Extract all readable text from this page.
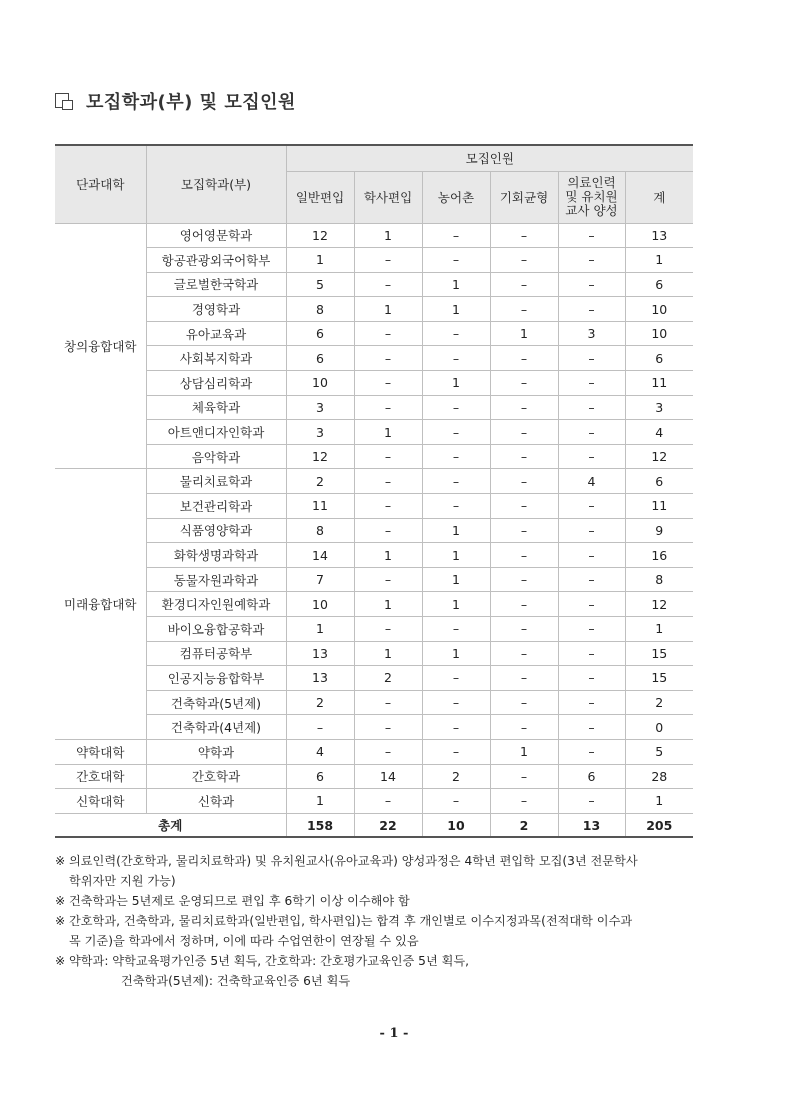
모집학과(부) 및 모집인원
단과대학	모집학과(부)	모집인원					
		일반편입	학사편입	농어촌	기회균형	의료인력
및 유치원
교사 양성	계
창의융합대학	영어영문학과	12	1	–	–	–	13
	항공관광외국어학부	1	–	–	–	–	1
	글로벌한국학과	5	–	1	–	–	6
	경영학과	8	1	1	–	–	10
	유아교육과	6	–	–	1	3	10
	사회복지학과	6	–	–	–	–	6
	상담심리학과	10	–	1	–	–	11
	체육학과	3	–	–	–	–	3
	아트앤디자인학과	3	1	–	–	–	4
	음악학과	12	–	–	–	–	12
미래융합대학	물리치료학과	2	–	–	–	4	6
	보건관리학과	11	–	–	–	–	11
	식품영양학과	8	–	1	–	–	9
	화학생명과학과	14	1	1	–	–	16
	동물자원과학과	7	–	1	–	–	8
	환경디자인원예학과	10	1	1	–	–	12
	바이오융합공학과	1	–	–	–	–	1
	컴퓨터공학부	13	1	1	–	–	15
	인공지능융합학부	13	2	–	–	–	15
	건축학과(5년제)	2	–	–	–	–	2
	건축학과(4년제)	–	–	–	–	–	0
약학대학	약학과	4	–	–	1	–	5
간호대학	간호학과	6	14	2	–	6	28
신학대학	신학과	1	–	–	–	–	1
총계		158	22	10	2	13	205
※ 의료인력(간호학과, 물리치료학과) 및 유치원교사(유아교육과) 양성과정은 4학년 편입학 모집(3년 전문학사
학위자만 지원 가능)
※ 건축학과는 5년제로 운영되므로 편입 후 6학기 이상 이수해야 함
※ 간호학과, 건축학과, 물리치료학과(일반편입, 학사편입)는 합격 후 개인별로 이수지정과목(전적대학 이수과
목 기준)을 학과에서 정하며, 이에 따라 수업연한이 연장될 수 있음
※ 약학과: 약학교육평가인증 5년 획득, 간호학과: 간호평가교육인증 5년 획득,
건축학과(5년제): 건축학교육인증 6년 획득
- 1 -
